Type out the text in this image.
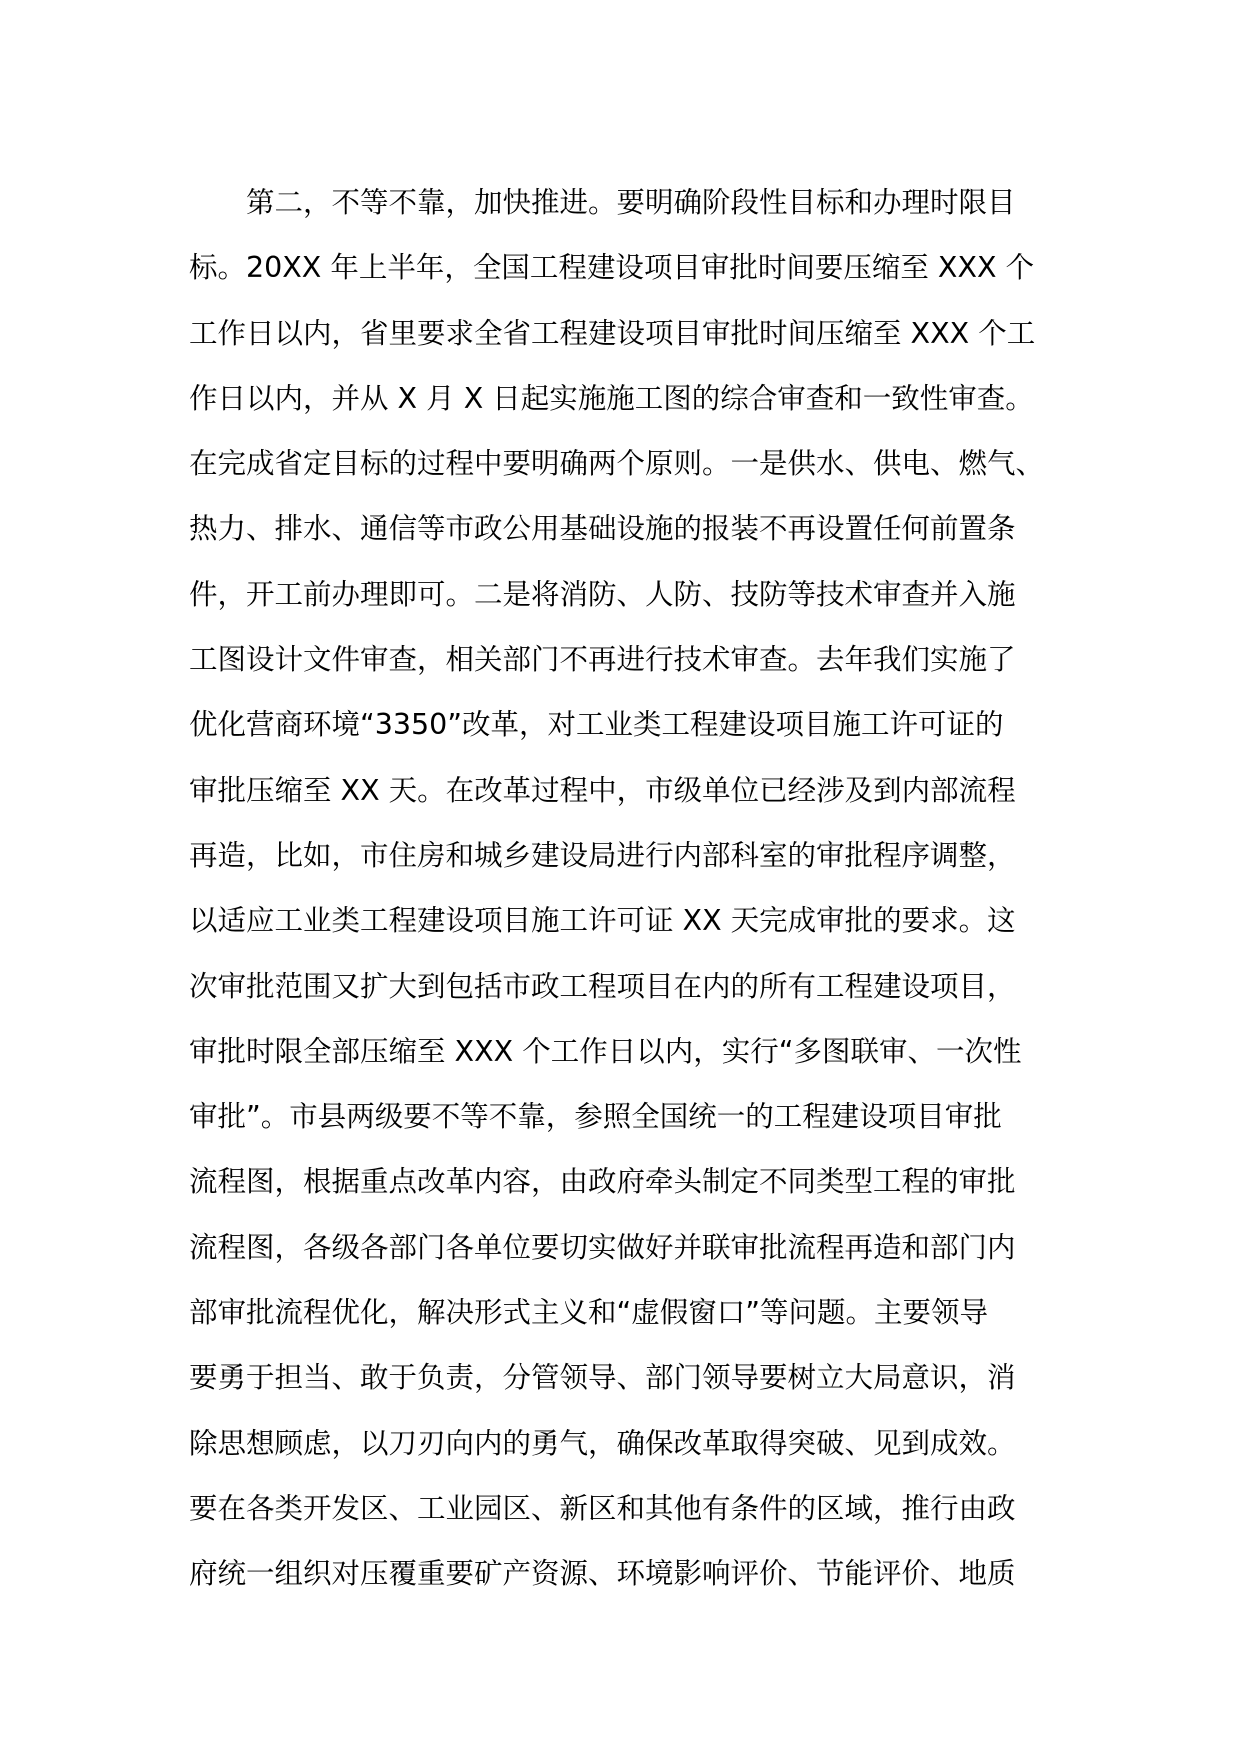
第二，不等不靠，加快推进。要明确阶段性目标和办理时限目
标。20XX 年上半年，全国工程建设项目审批时间要压缩至 XXX 个
工作日以内，省里要求全省工程建设项目审批时间压缩至 XXX 个工
作日以内，并从 X 月 X 日起实施施工图的综合审查和一致性审查。
在完成省定目标的过程中要明确两个原则。一是供水、供电、燃气、
热力、排水、通信等市政公用基础设施的报装不再设置任何前置条
件，开工前办理即可。二是将消防、人防、技防等技术审查并入施
工图设计文件审查，相关部门不再进行技术审查。去年我们实施了
优化营商环境“3350”改革，对工业类工程建设项目施工许可证的
审批压缩至 XX 天。在改革过程中，市级单位已经涉及到内部流程
再造，比如，市住房和城乡建设局进行内部科室的审批程序调整，
以适应工业类工程建设项目施工许可证 XX 天完成审批的要求。这
次审批范围又扩大到包括市政工程项目在内的所有工程建设项目，
审批时限全部压缩至 XXX 个工作日以内，实行“多图联审、一次性
审批”。市县两级要不等不靠，参照全国统一的工程建设项目审批
流程图，根据重点改革内容，由政府牵头制定不同类型工程的审批
流程图，各级各部门各单位要切实做好并联审批流程再造和部门内
部审批流程优化，解决形式主义和“虚假窗口”等问题。主要领导
要勇于担当、敢于负责，分管领导、部门领导要树立大局意识，消
除思想顾虑，以刀刃向内的勇气，确保改革取得突破、见到成效。
要在各类开发区、工业园区、新区和其他有条件的区域，推行由政
府统一组织对压覆重要矿产资源、环境影响评价、节能评价、地质
